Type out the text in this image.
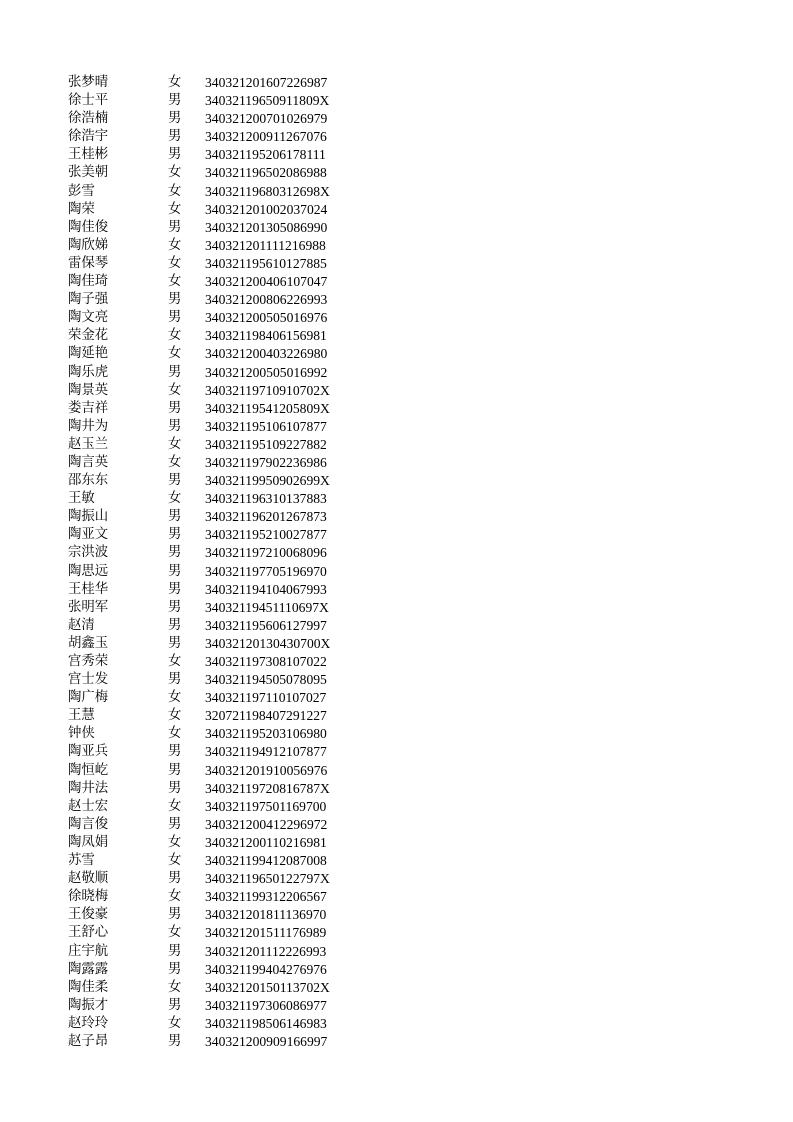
张梦晴	女 340321201607226987
徐士平	男 34032119650911809X
徐浩楠	男 340321200701026979
徐浩宇	男 340321200911267076
王桂彬	男 340321195206178111
张美朝	女 340321196502086988
彭雪	女 34032119680312698X
陶荣	女 340321201002037024
陶佳俊	男 340321201305086990
陶欣娣	女 340321201111216988
雷保琴	女 340321195610127885
陶佳琦	女 340321200406107047
陶子强	男 340321200806226993
陶文亮	男 340321200505016976
荣金花	女 340321198406156981
陶延艳	女 340321200403226980
陶乐虎	男 340321200505016992
陶景英	女 34032119710910702X
娄吉祥	男 34032119541205809X
陶井为	男 340321195106107877
赵玉兰	女 340321195109227882
陶言英	女 340321197902236986
邵东东	男 34032119950902699X
王敏	女 340321196310137883
陶振山	男 340321196201267873
陶亚文	男 340321195210027877
宗洪波	男 340321197210068096
陶思远	男 340321197705196970
王桂华	男 340321194104067993
张明军	男 34032119451110697X
赵清	男 340321195606127997
胡鑫玉	男 34032120130430700X
宫秀荣	女 340321197308107022
宫士发	男 340321194505078095
陶广梅	女 340321197110107027
王慧	女 320721198407291227
钟侠	女 340321195203106980
陶亚兵	男 340321194912107877
陶恒屹	男 340321201910056976
陶井法	男 34032119720816787X
赵士宏	女 340321197501169700
陶言俊	男 340321200412296972
陶凤娟	女 340321200110216981
苏雪	女 340321199412087008
赵敬顺	男 34032119650122797X
徐晓梅	女 340321199312206567
王俊豪	男 340321201811136970
王舒心	女 340321201511176989
庄宇航	男 340321201112226993
陶露露	男 340321199404276976
陶佳柔	女 34032120150113702X
陶振才	男 340321197306086977
赵玲玲	女 340321198506146983
赵子昂	男 340321200909166997
